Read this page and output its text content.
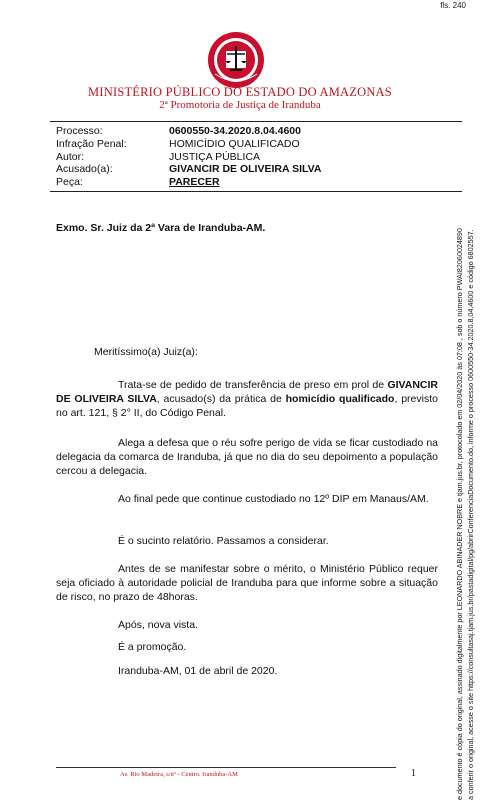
fls. 240
e documento é cópia do original, assinado digitalmente por LEONARDO ABINADER NOBRE e tjam.jus.br, protocolado em 02/04/2020 às 07:08 , sob o número PWAI82060024890 a conferir o original, acesse o site https://consultasaj.tjam.jus.br/pastadigital/pg/abrirConferenciaDocumento.do, informe o processo 0600550-34.2020.8.04.4600 e código 6802557.
MINISTÉRIO PÚBLICO DO ESTADO DO AMAZONAS
2ª Promotoria de Justiça de Iranduba
Processo:	0600550-34.2020.8.04.4600
Infração Penal:	HOMICÍDIO QUALIFICADO
Autor:	JUSTIÇA PÚBLICA
Acusado(a):	GIVANCIR DE OLIVEIRA SILVA
Peça:	PARECER
Exmo. Sr. Juiz da 2ª Vara de Iranduba-AM.
Meritíssimo(a) Juiz(a):
Trata-se de pedido de transferência de preso em prol de GIVANCIR DE OLIVEIRA SILVA, acusado(s) da prática de homicídio qualificado, previsto no art. 121, § 2° II, do Código Penal.
Alega a defesa que o réu sofre perigo de vida se ficar custodiado na delegacia da comarca de Iranduba, já que no dia do seu depoimento a população cercou a delegacia.
Ao final pede que continue custodiado no 12º DIP em Manaus/AM.
É o sucinto relatório. Passamos a considerar.
Antes de se manifestar sobre o mérito, o Ministério Público requer seja oficiado à autoridade policial de Iranduba para que informe sobre a situação de risco, no prazo de 48horas.
Após, nova vista.
É a promoção.
Iranduba-AM, 01 de abril de 2020.
Av. Rio Madeira, s/nº - Centro. Iranduba-AM	1
